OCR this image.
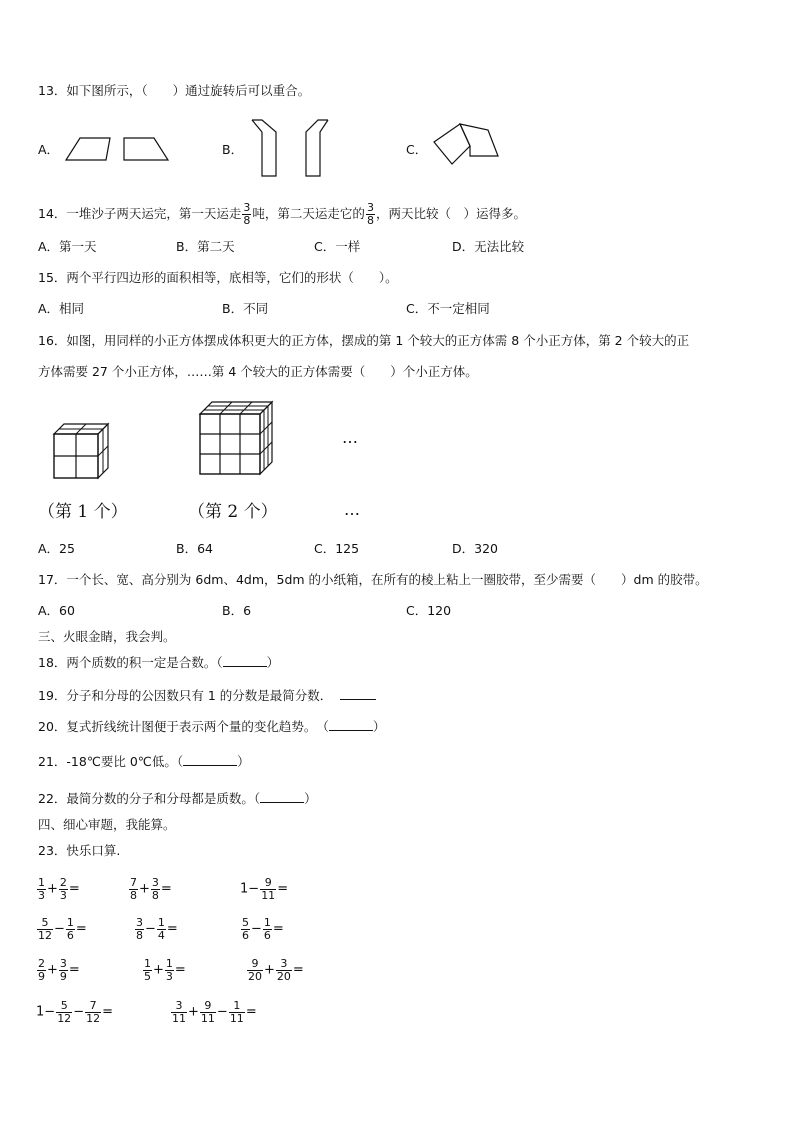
13．如下图所示，（　　）通过旋转后可以重合。
A．	B．	C．
14．一堆沙子两天运完，第一天运走 $\frac{3}{8}$ 吨，第二天运走它的 $\frac{3}{8}$ ，两天比较（　）运得多。
A．第一天	B．第二天	C．一样	D．无法比较
15．两个平行四边形的面积相等，底相等，它们的形状（　　）。
A．相同	B．不同	C．不一定相同
16．如图，用同样的小正方体摆成体积更大的正方体，摆成的第 1 个较大的正方体需 8 个小正方体，第 2 个较大的正
方体需要 27 个小正方体，……第 4 个较大的正方体需要（　　）个小正方体。
…
（第 1 个）	（第 2 个）	…
A．25	B．64	C．125	D．320
17．一个长、宽、高分别为 6dm、4dm，5dm 的小纸箱，在所有的棱上粘上一圈胶带，至少需要（　　）dm 的胶带。
A．60	B．6	C．120
三、火眼金睛，我会判。
18．两个质数的积一定是合数。（	）
19．分子和分母的公因数只有 1 的分数是最简分数．
20．复式折线统计图便于表示两个量的变化趋势。　（	）
21．-18℃要比 0℃低。（	）
22．最简分数的分子和分母都是质数。（	）
四、细心审题，我能算。
23．快乐口算.
$\frac{1}{3} + \frac{2}{3}$ =	$\frac{7}{8} + \frac{3}{8}$ =	$1- \frac{9}{11}$ =
$\frac{5}{12} - \frac{1}{6}$ =	$\frac{3}{8} - \frac{1}{4}$ =	$\frac{5}{6} - \frac{1}{6}$ =
$\frac{2}{9} + \frac{3}{9}$ =	$\frac{1}{5} + \frac{1}{3}$ =	$\frac{9}{20} + \frac{3}{20}$ =
$1- \frac{5}{12} - \frac{7}{12}$ =	$\frac{3}{11} + \frac{9}{11} - \frac{1}{11}$ =
